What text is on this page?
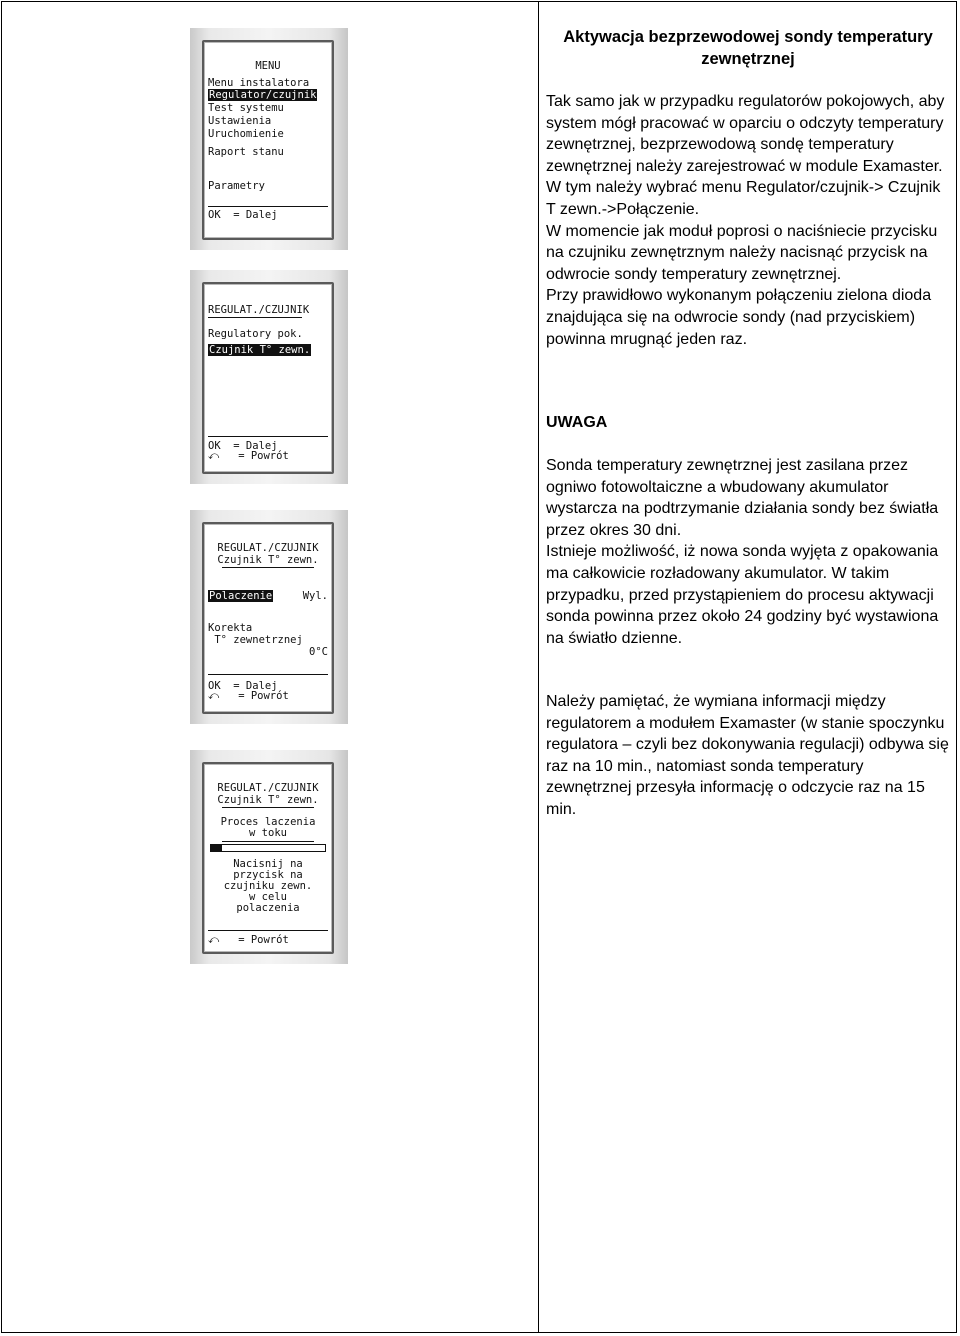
MENU
Menu instalatora
Regulator/czujnik
Test systemu
Ustawienia
Uruchomienie
Raport stanu
Parametry
OK  = Dalej
REGULAT./CZUJNIK
Regulatory pok.
Czujnik T° zewn.
OK  = Dalej
⤺   = Powrót
REGULAT./CZUJNIK
Czujnik T° zewn.
Polaczenie	Wyl.
Korekta
T° zewnetrznej
0°C
OK  = Dalej
⤺   = Powrót
REGULAT./CZUJNIK
Czujnik T° zewn.
Proces laczenia
w toku
Nacisnij na
przycisk na
czujniku zewn.
w celu
polaczenia
⤺   = Powrót
Aktywacja bezprzewodowej sondy temperatury zewnętrznej

Tak samo jak w przypadku regulatorów pokojowych, aby system mógł pracować w oparciu o odczyty temperatury zewnętrznej, bezprzewodową sondę temperatury zewnętrznej należy zarejestrować w module Examaster.

W tym należy wybrać menu Regulator/czujnik-> Czujnik T zewn.->Połączenie.

W momencie jak moduł poprosi o naciśniecie przycisku na czujniku zewnętrznym należy nacisnąć przycisk na odwrocie sondy temperatury zewnętrznej.

Przy prawidłowo wykonanym połączeniu zielona dioda znajdująca się na odwrocie sondy (nad przyciskiem) powinna mrugnąć jeden raz.

UWAGA

Sonda temperatury zewnętrznej jest zasilana przez ogniwo fotowoltaiczne a wbudowany akumulator wystarcza na podtrzymanie działania sondy bez światła przez okres 30 dni.

Istnieje możliwość, iż nowa sonda wyjęta z opakowania ma całkowicie rozładowany akumulator. W takim przypadku, przed przystąpieniem do procesu aktywacji sonda powinna przez około 24 godziny być wystawiona na światło dzienne.

Należy pamiętać, że wymiana informacji między regulatorem a modułem Examaster (w stanie spoczynku regulatora – czyli bez dokonywania regulacji) odbywa się raz na 10 min., natomiast sonda temperatury zewnętrznej przesyła informację o odczycie raz na 15 min.
